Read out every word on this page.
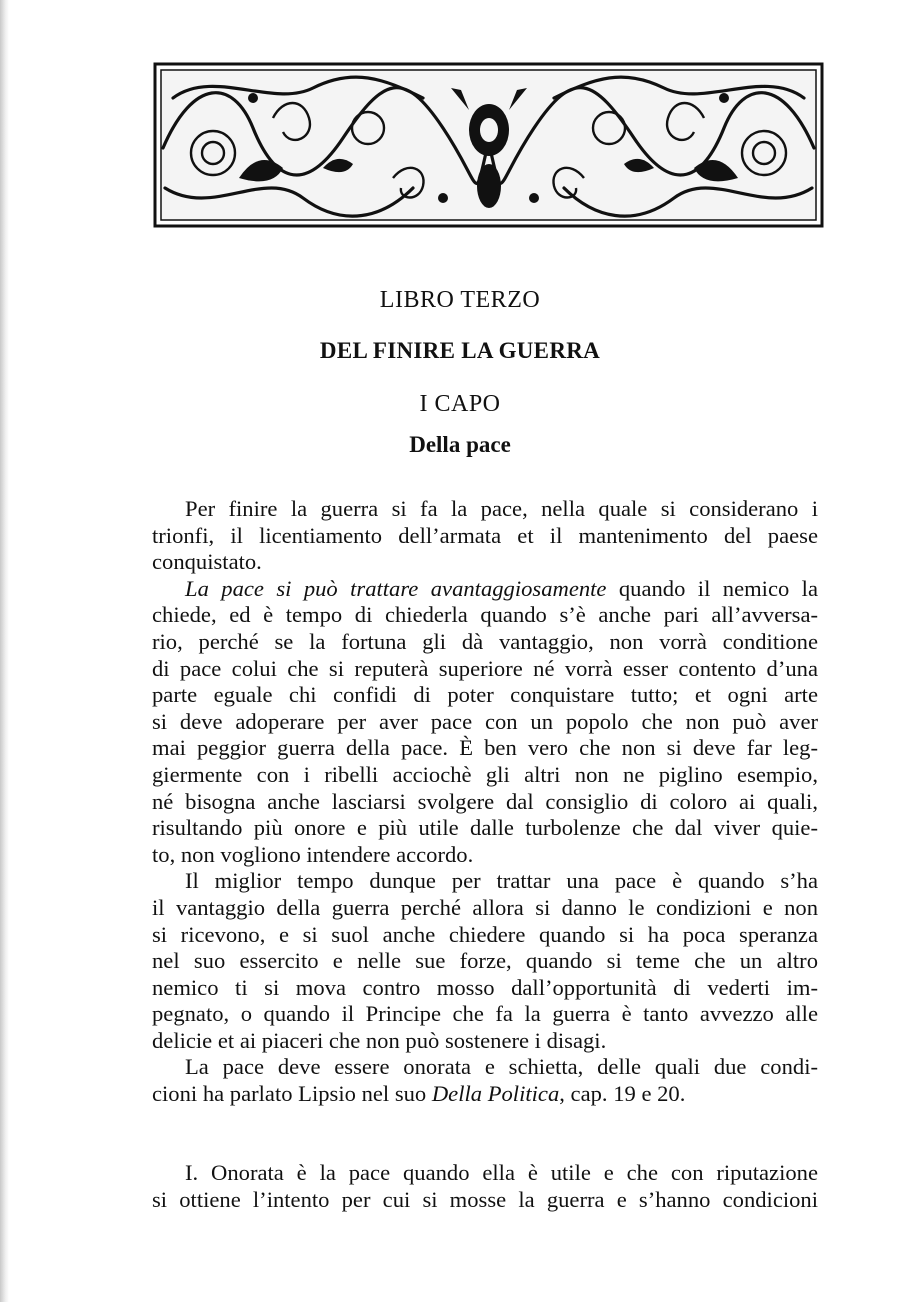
LIBRO TERZO
DEL FINIRE LA GUERRA
I CAPO
Della pace
Per finire la guerra si fa la pace, nella quale si considerano i
trionfi, il licentiamento dell’armata et il mantenimento del paese
conquistato.
La pace si può trattare avantaggiosamente quando il nemico la
chiede, ed è tempo di chiederla quando s’è anche pari all’avversa-
rio, perché se la fortuna gli dà vantaggio, non vorrà conditione
di pace colui che si reputerà superiore né vorrà esser contento d’una
parte eguale chi confidi di poter conquistare tutto; et ogni arte
si deve adoperare per aver pace con un popolo che non può aver
mai peggior guerra della pace. È ben vero che non si deve far leg-
giermente con i ribelli acciochè gli altri non ne piglino esempio,
né bisogna anche lasciarsi svolgere dal consiglio di coloro ai quali,
risultando più onore e più utile dalle turbolenze che dal viver quie-
to, non vogliono intendere accordo.
Il miglior tempo dunque per trattar una pace è quando s’ha
il vantaggio della guerra perché allora si danno le condizioni e non
si ricevono, e si suol anche chiedere quando si ha poca speranza
nel suo essercito e nelle sue forze, quando si teme che un altro
nemico ti si mova contro mosso dall’opportunità di vederti im-
pegnato, o quando il Principe che fa la guerra è tanto avvezzo alle
delicie et ai piaceri che non può sostenere i disagi.
La pace deve essere onorata e schietta, delle quali due condi-
cioni ha parlato Lipsio nel suo Della Politica, cap. 19 e 20.
I. Onorata è la pace quando ella è utile e che con riputazione
si ottiene l’intento per cui si mosse la guerra e s’hanno condicioni
